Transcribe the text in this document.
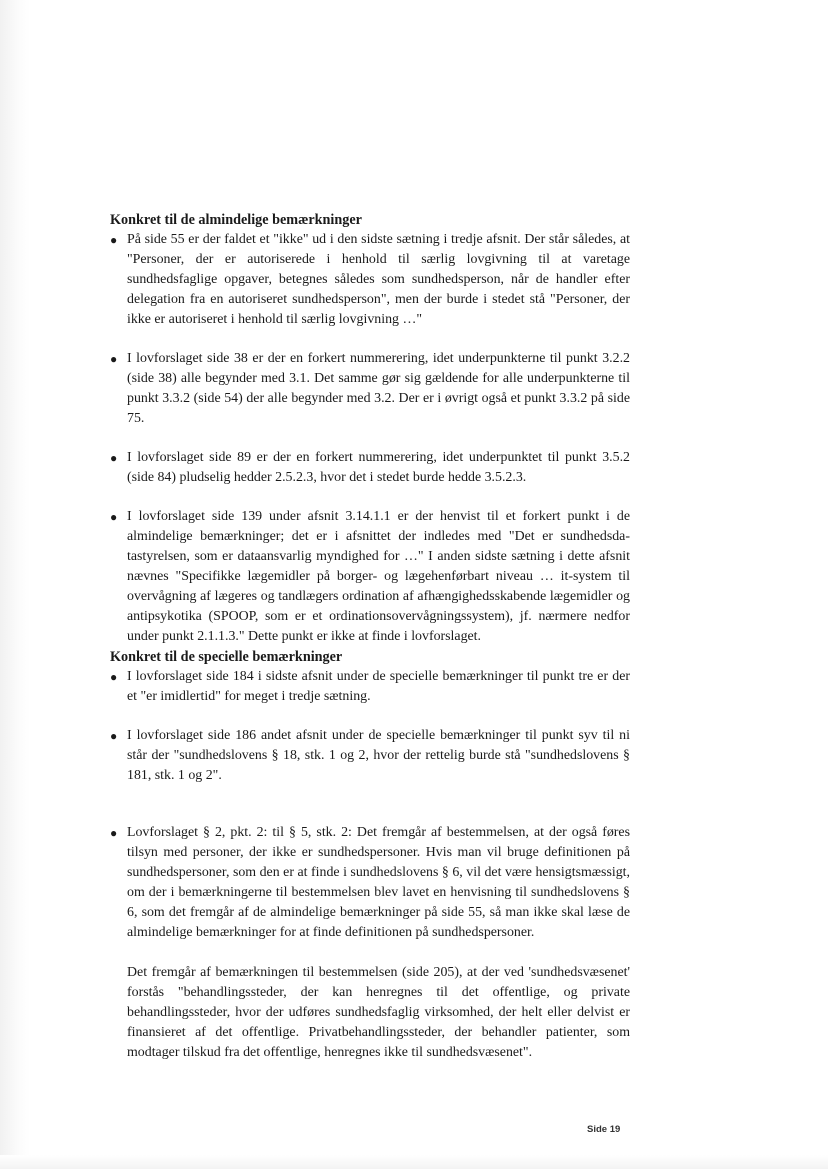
Konkret til de almindelige bemærkninger
● På side 55 er der faldet et "ikke" ud i den sidste sætning i tredje afsnit. Der står således, at "Personer, der er autoriserede i henhold til særlig lovgivning til at varetage sundhedsfaglige opgaver, betegnes således som sundhedsperson, når de handler efter delegation fra en autoriseret sundhedsperson", men der burde i stedet stå "Personer, der ikke er autoriseret i henhold til særlig lovgivning …"

● I lovforslaget side 38 er der en forkert nummerering, idet underpunkterne til punkt 3.2.2 (side 38) alle begynder med 3.1. Det samme gør sig gældende for alle underpunkterne til punkt 3.3.2 (side 54) der alle begynder med 3.2. Der er i øvrigt også et punkt 3.3.2 på side 75.

● I lovforslaget side 89 er der en forkert nummerering, idet underpunktet til punkt 3.5.2 (side 84) pludselig hedder 2.5.2.3, hvor det i stedet burde hedde 3.5.2.3.

● I lovforslaget side 139 under afsnit 3.14.1.1 er der henvist til et forkert punkt i de almindelige bemærkninger; det er i afsnittet der indledes med "Det er sundhedsdatastyrelsen, som er dataansvarlig myndighed for …" I anden sidste sætning i dette afsnit nævnes "Specifikke lægemidler på borger- og lægehenførbart niveau … it-system til overvågning af lægeres og tandlægers ordination af afhængighedsskabende lægemidler og antipsykotika (SPOOP, som er et ordinationsovervågningssystem), jf. nærmere nedfor under punkt 2.1.1.3." Dette punkt er ikke at finde i lovforslaget.

Konkret til de specielle bemærkninger
● I lovforslaget side 184 i sidste afsnit under de specielle bemærkninger til punkt tre er der et "er imidlertid" for meget i tredje sætning.

● I lovforslaget side 186 andet afsnit under de specielle bemærkninger til punkt syv til ni står der "sundhedslovens § 18, stk. 1 og 2, hvor der rettelig burde stå "sundhedslovens § 181, stk. 1 og 2".

● Lovforslaget § 2, pkt. 2: til § 5, stk. 2: Det fremgår af bestemmelsen, at der også føres tilsyn med personer, der ikke er sundhedspersoner. Hvis man vil bruge definitionen på sundhedspersoner, som den er at finde i sundhedslovens § 6, vil det være hensigtsmæssigt, om der i bemærkningerne til bestemmelsen blev lavet en henvisning til sundhedslovens § 6, som det fremgår af de almindelige bemærkninger på side 55, så man ikke skal læse de almindelige bemærkninger for at finde definitionen på sundhedspersoner.

Det fremgår af bemærkningen til bestemmelsen (side 205), at der ved 'sundhedsvæsenet' forstås "behandlingssteder, der kan henregnes til det offentlige, og private behandlingssteder, hvor der udføres sundhedsfaglig virksomhed, der helt eller delvist er finansieret af det offentlige. Privatbehandlingssteder, der behandler patienter, som modtager tilskud fra det offentlige, henregnes ikke til sundhedsvæsenet".

Side 19
